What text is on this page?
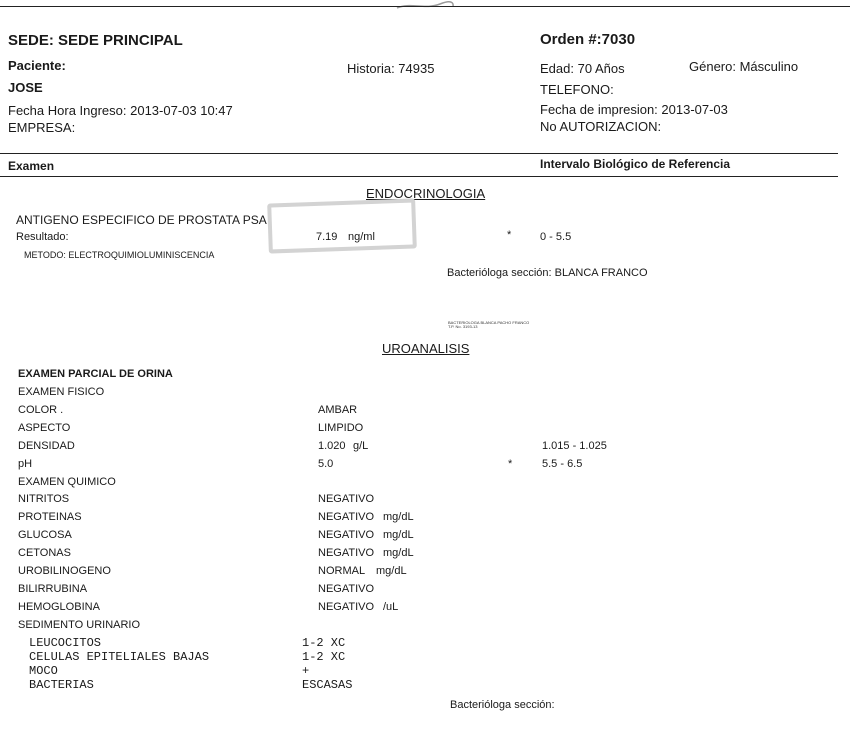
SEDE: SEDE PRINCIPAL	Orden #:7030
Paciente:	Historia: 74935	Edad: 70 Años	Género: Másculino
JOSE	TELEFONO:
Fecha Hora Ingreso: 2013-07-03 10:47	Fecha de impresion: 2013-07-03
EMPRESA:	No AUTORIZACION:
Examen	Intervalo Biológico de Referencia
ENDOCRINOLOGIA
ANTIGENO ESPECIFICO DE PROSTATA PSA
Resultado:	7.19 ng/ml	*	0 - 5.5
METODO: ELECTROQUIMIOLUMINISCENCIA
Bacterióloga sección: BLANCA FRANCO
BACTERIOLOGA BLANCA PACHO FRANCO
T.P. No. 3193-13
UROANALISIS
EXAMEN PARCIAL DE ORINA
EXAMEN FISICO
COLOR .	AMBAR
ASPECTO	LIMPIDO
DENSIDAD	1.020 g/L	1.015 - 1.025
pH	5.0	*	5.5 - 6.5
EXAMEN QUIMICO
NITRITOS	NEGATIVO
PROTEINAS	NEGATIVO mg/dL
GLUCOSA	NEGATIVO mg/dL
CETONAS	NEGATIVO mg/dL
UROBILINOGENO	NORMAL mg/dL
BILIRRUBINA	NEGATIVO
HEMOGLOBINA	NEGATIVO /uL
SEDIMENTO URINARIO
LEUCOCITOS	1-2 XC
CELULAS EPITELIALES BAJAS	1-2 XC
MOCO	+
BACTERIAS	ESCASAS
Bacterióloga sección:
